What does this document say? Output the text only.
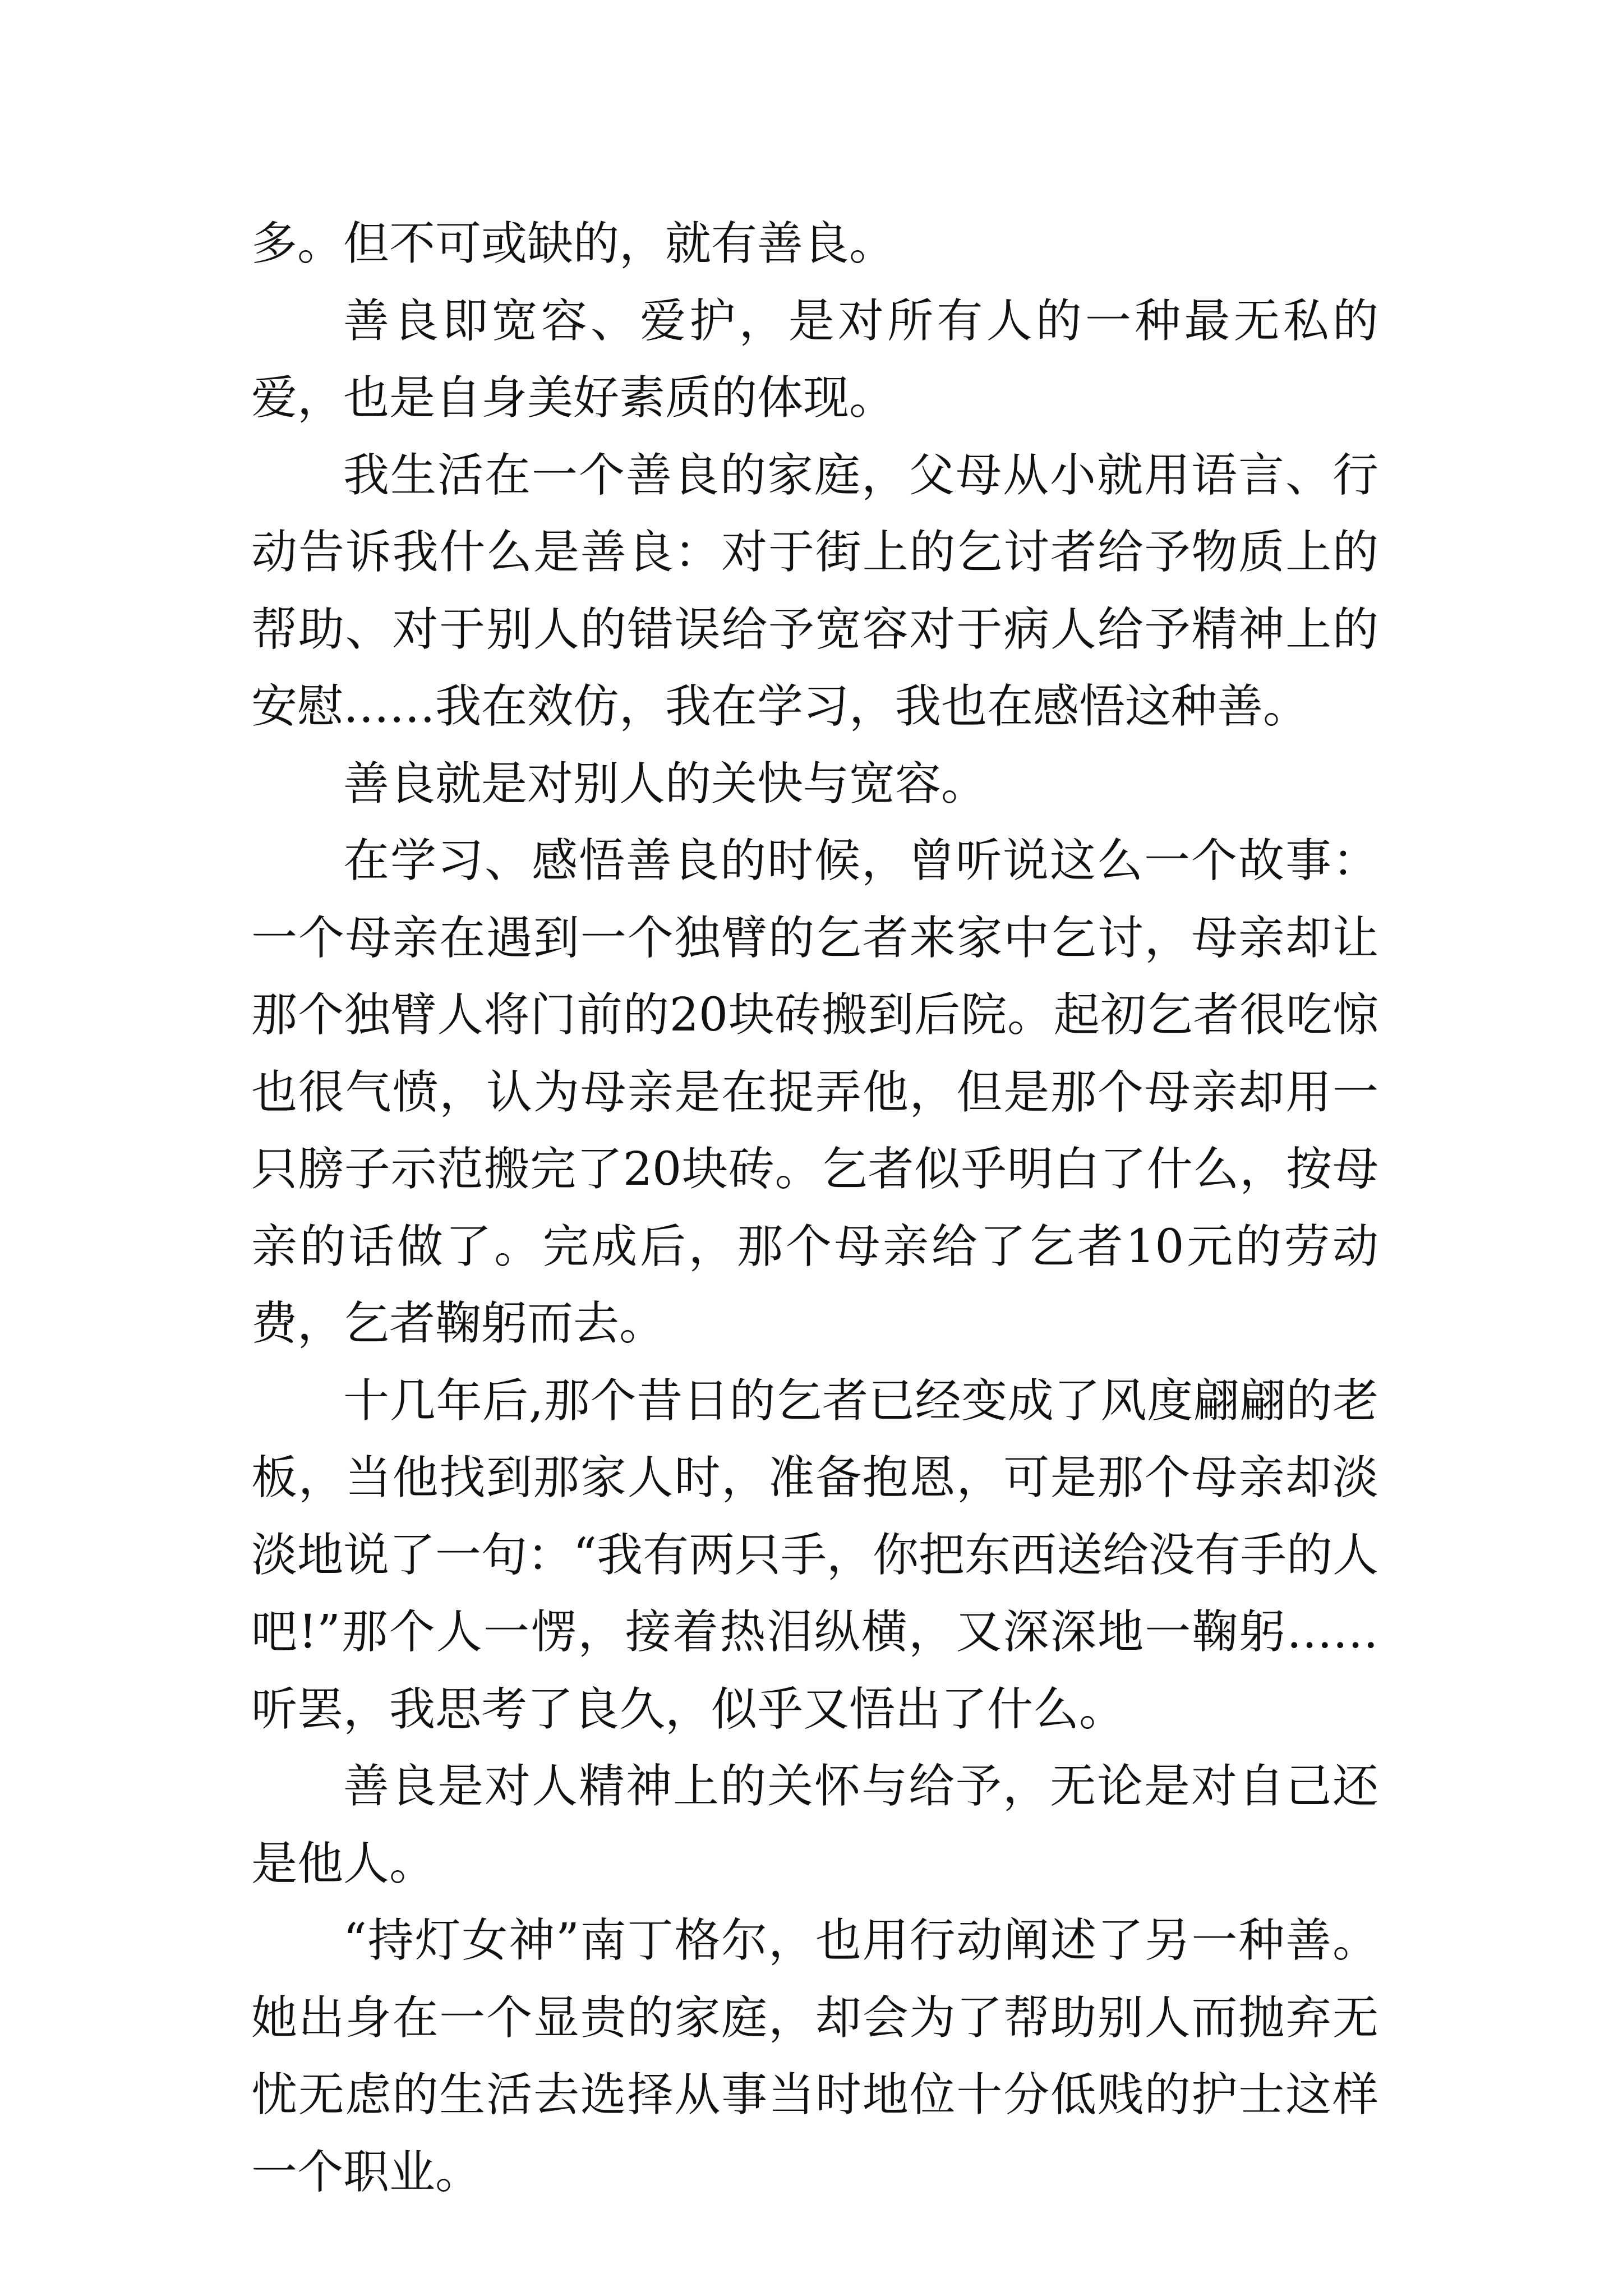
多。但不可或缺的，就有善良。

善良即宽容、爱护，是对所有人的一种最无私的爱，也是自身美好素质的体现。

我生活在一个善良的家庭，父母从小就用语言、行动告诉我什么是善良：对于街上的乞讨者给予物质上的帮助、对于别人的错误给予宽容对于病人给予精神上的安慰……我在效仿，我在学习，我也在感悟这种善。

善良就是对别人的关快与宽容。

在学习、感悟善良的时候，曾听说这么一个故事：一个母亲在遇到一个独臂的乞者来家中乞讨，母亲却让那个独臂人将门前的20块砖搬到后院。起初乞者很吃惊也很气愤，认为母亲是在捉弄他，但是那个母亲却用一只膀子示范搬完了20块砖。乞者似乎明白了什么，按母亲的话做了。完成后，那个母亲给了乞者10元的劳动费，乞者鞠躬而去。

十几年后,那个昔日的乞者已经变成了风度翩翩的老板，当他找到那家人时，准备抱恩，可是那个母亲却淡淡地说了一句：“我有两只手，你把东西送给没有手的人吧!”那个人一愣，接着热泪纵横，又深深地一鞠躬……听罢，我思考了良久，似乎又悟出了什么。

善良是对人精神上的关怀与给予，无论是对自己还是他人。

“持灯女神”南丁格尔，也用行动阐述了另一种善。她出身在一个显贵的家庭，却会为了帮助别人而抛弃无忧无虑的生活去选择从事当时地位十分低贱的护士这样一个职业。
